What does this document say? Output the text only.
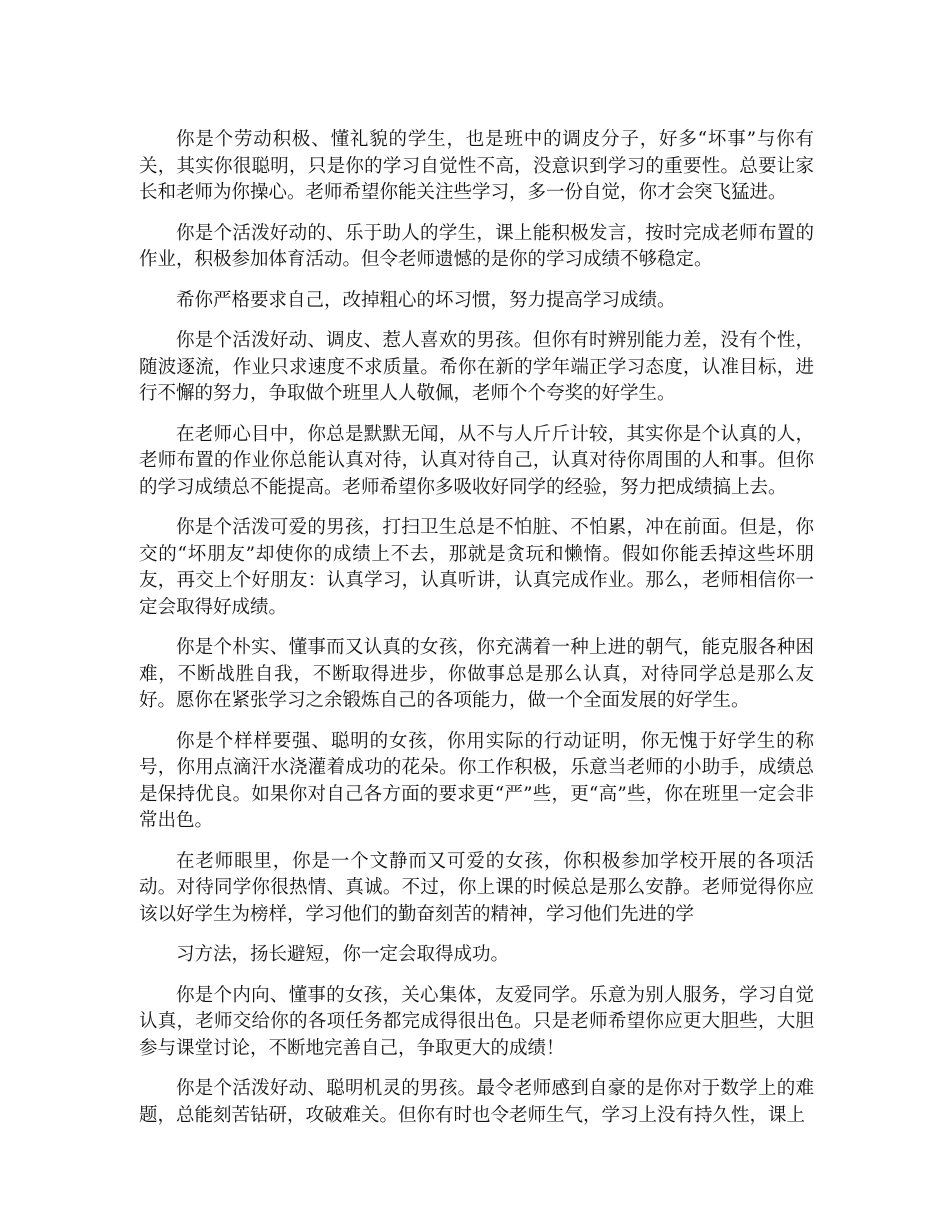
你是个劳动积极、懂礼貌的学生，也是班中的调皮分子，好多“坏事”与你有关，其实你很聪明，只是你的学习自觉性不高，没意识到学习的重要性。总要让家长和老师为你操心。老师希望你能关注些学习，多一份自觉，你才会突飞猛进。

你是个活泼好动的、乐于助人的学生，课上能积极发言，按时完成老师布置的作业，积极参加体育活动。但令老师遗憾的是你的学习成绩不够稳定。

希你严格要求自己，改掉粗心的坏习惯，努力提高学习成绩。

你是个活泼好动、调皮、惹人喜欢的男孩。但你有时辨别能力差，没有个性，随波逐流，作业只求速度不求质量。希你在新的学年端正学习态度，认准目标，进行不懈的努力，争取做个班里人人敬佩，老师个个夸奖的好学生。

在老师心目中，你总是默默无闻，从不与人斤斤计较，其实你是个认真的人，老师布置的作业你总能认真对待，认真对待自己，认真对待你周围的人和事。但你的学习成绩总不能提高。老师希望你多吸收好同学的经验，努力把成绩搞上去。

你是个活泼可爱的男孩，打扫卫生总是不怕脏、不怕累，冲在前面。但是，你交的“坏朋友”却使你的成绩上不去，那就是贪玩和懒惰。假如你能丢掉这些坏朋友，再交上个好朋友：认真学习，认真听讲，认真完成作业。那么，老师相信你一定会取得好成绩。

你是个朴实、懂事而又认真的女孩，你充满着一种上进的朝气，能克服各种困难，不断战胜自我，不断取得进步，你做事总是那么认真，对待同学总是那么友好。愿你在紧张学习之余锻炼自己的各项能力，做一个全面发展的好学生。

你是个样样要强、聪明的女孩，你用实际的行动证明，你无愧于好学生的称号，你用点滴汗水浇灌着成功的花朵。你工作积极，乐意当老师的小助手，成绩总是保持优良。如果你对自己各方面的要求更“严”些，更“高”些，你在班里一定会非常出色。

在老师眼里，你是一个文静而又可爱的女孩，你积极参加学校开展的各项活动。对待同学你很热情、真诚。不过，你上课的时候总是那么安静。老师觉得你应该以好学生为榜样，学习他们的勤奋刻苦的精神，学习他们先进的学

习方法，扬长避短，你一定会取得成功。

你是个内向、懂事的女孩，关心集体，友爱同学。乐意为别人服务，学习自觉认真，老师交给你的各项任务都完成得很出色。只是老师希望你应更大胆些，大胆参与课堂讨论，不断地完善自己，争取更大的成绩！

你是个活泼好动、聪明机灵的男孩。最令老师感到自豪的是你对于数学上的难题，总能刻苦钻研，攻破难关。但你有时也令老师生气，学习上没有持久性，课上
